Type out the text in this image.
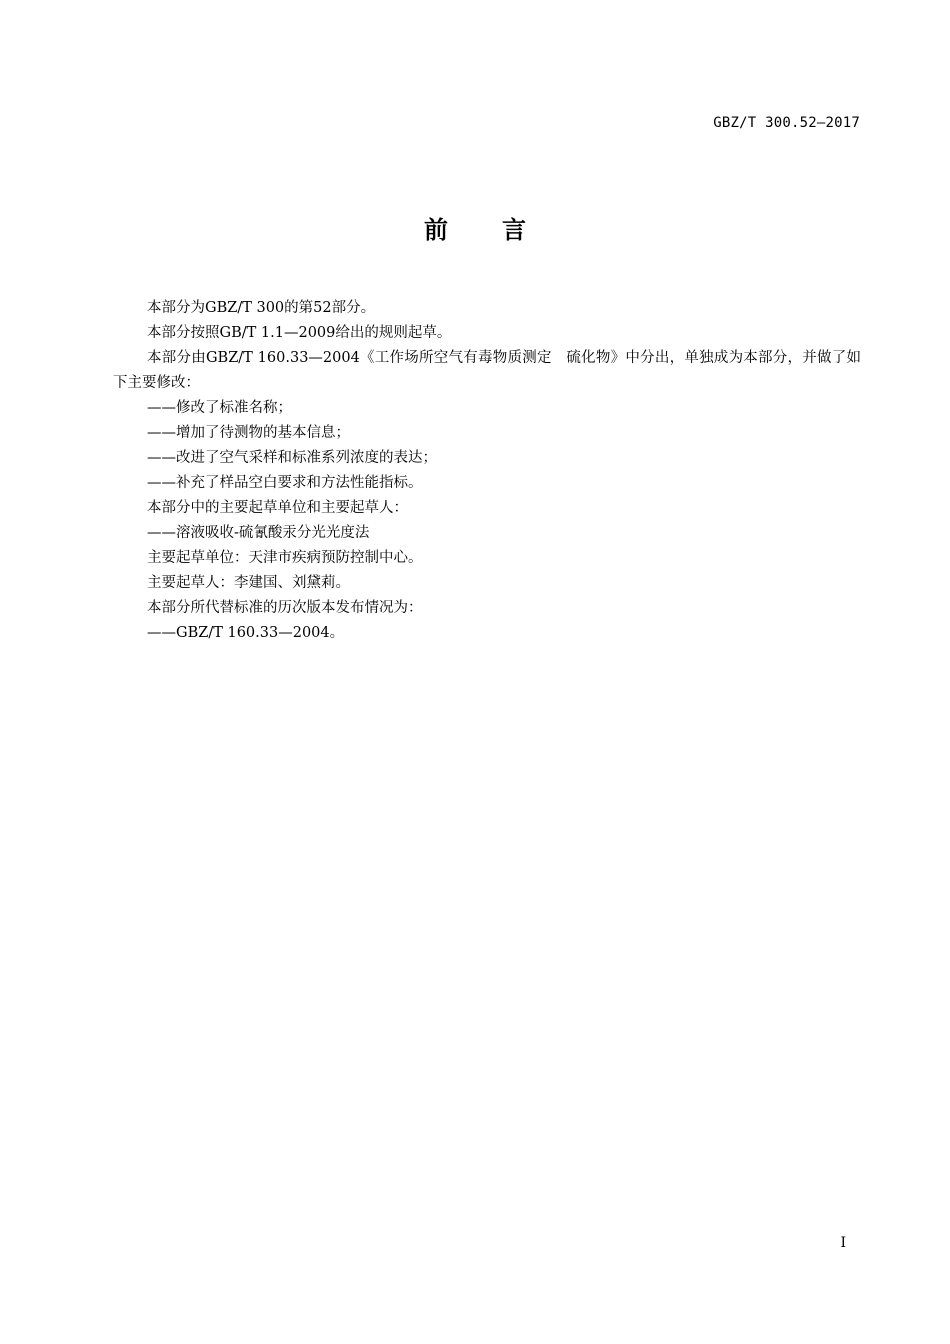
GBZ/T 300.52—2017
前 言

本部分为GBZ/T 300的第52部分。

本部分按照GB/T 1.1—2009给出的规则起草。

本部分由GBZ/T 160.33—2004《工作场所空气有毒物质测定　硫化物》中分出，单独成为本部分，并做了如下主要修改：

——修改了标准名称；

——增加了待测物的基本信息；

——改进了空气采样和标准系列浓度的表达；

——补充了样品空白要求和方法性能指标。

本部分中的主要起草单位和主要起草人：

——溶液吸收-硫氰酸汞分光光度法

主要起草单位：天津市疾病预防控制中心。

主要起草人：李建国、刘黛莉。

本部分所代替标准的历次版本发布情况为：

——GBZ/T 160.33—2004。

I
